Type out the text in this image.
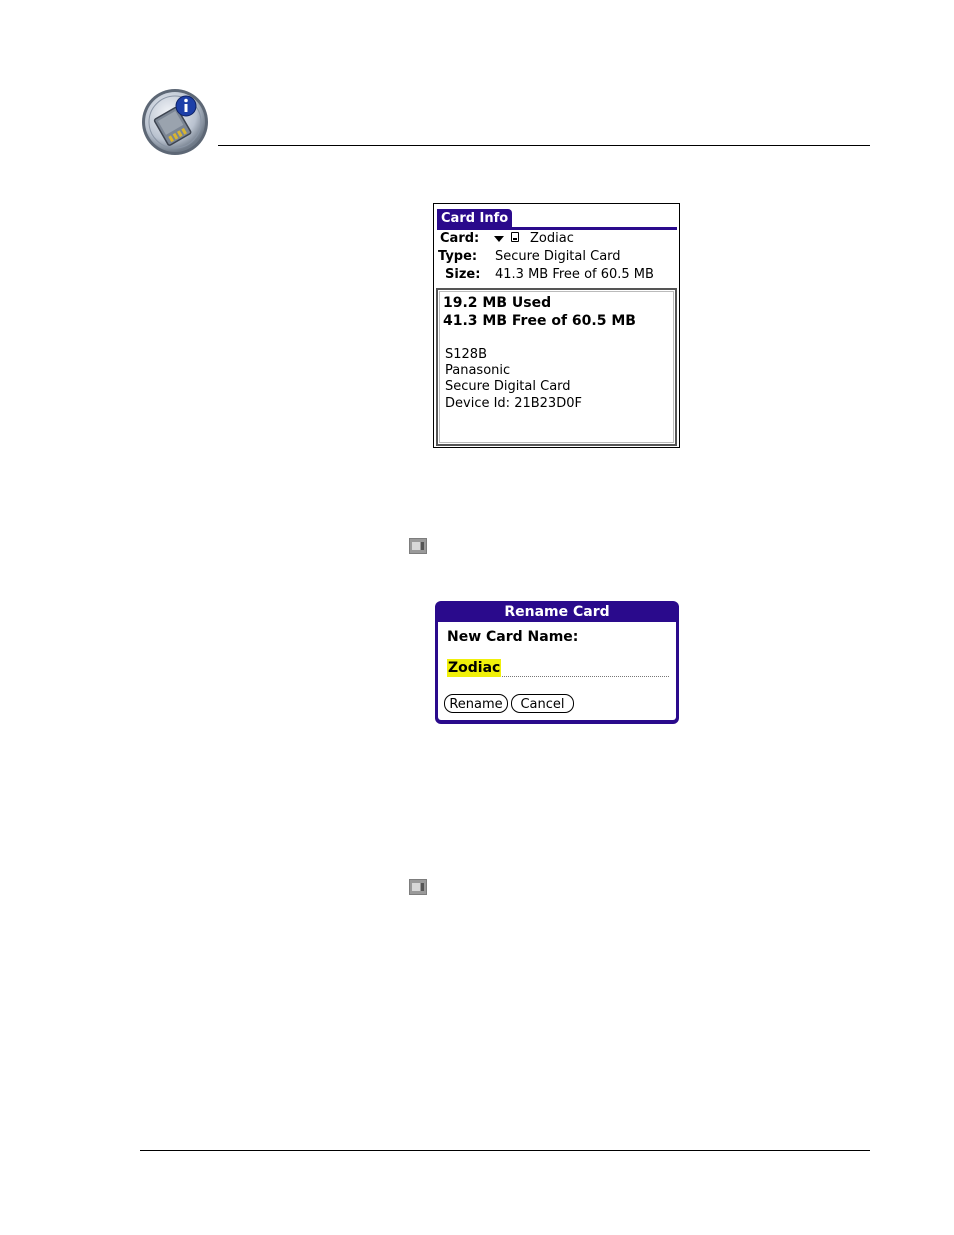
Card Info
Card:	Zodiac
Type: Secure Digital Card
Size: 41.3 MB Free of 60.5 MB
19.2 MB Used
41.3 MB Free of 60.5 MB
S128B
Panasonic
Secure Digital Card
Device Id: 21B23D0F
Rename Card
New Card Name:
Zodiac
Rename	Cancel
